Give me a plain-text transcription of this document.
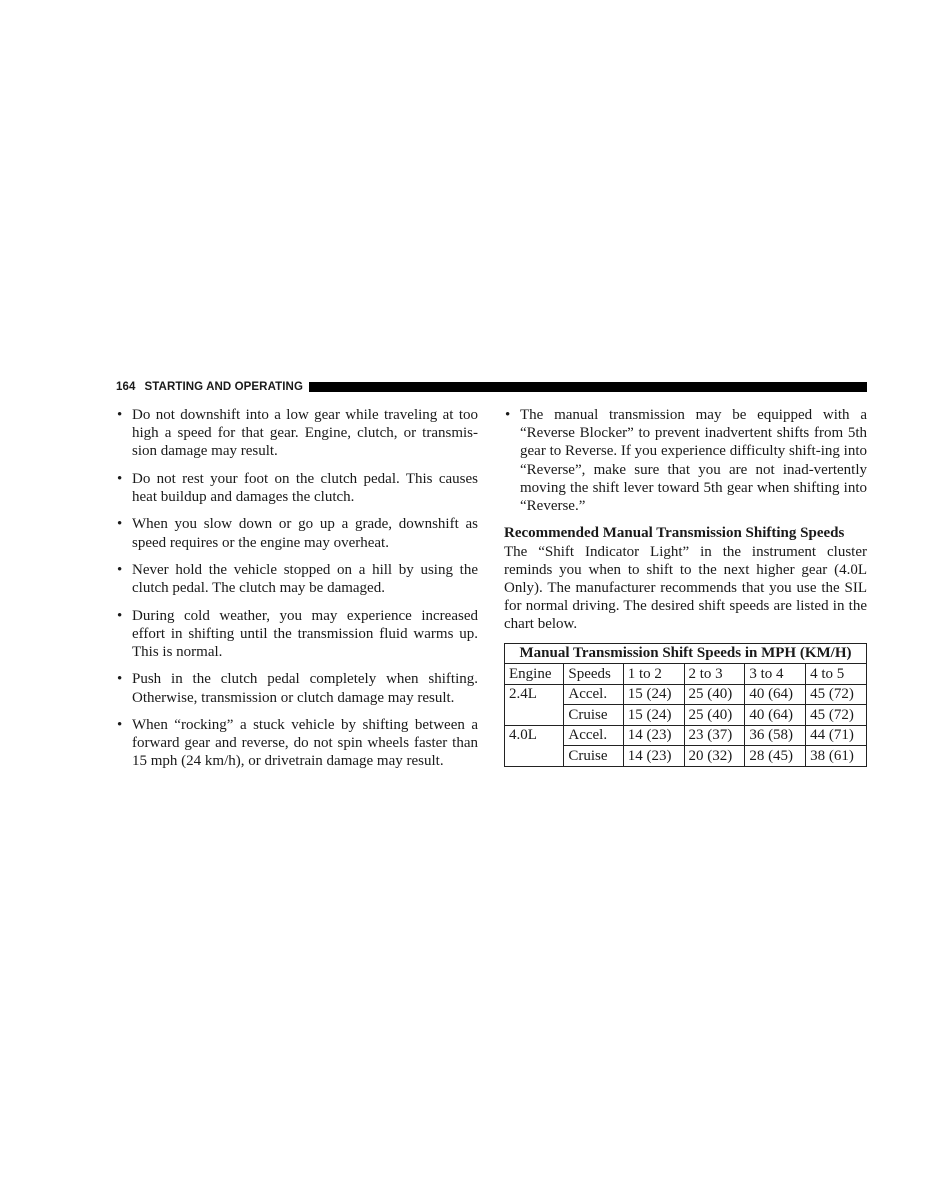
164 STARTING AND OPERATING
• Do not downshift into a low gear while traveling at too high a speed for that gear. Engine, clutch, or transmis-sion damage may result.
• Do not rest your foot on the clutch pedal. This causes heat buildup and damages the clutch.
• When you slow down or go up a grade, downshift as speed requires or the engine may overheat.
• Never hold the vehicle stopped on a hill by using the clutch pedal. The clutch may be damaged.
• During cold weather, you may experience increased effort in shifting until the transmission fluid warms up. This is normal.
• Push in the clutch pedal completely when shifting. Otherwise, transmission or clutch damage may result.
• When “rocking” a stuck vehicle by shifting between a forward gear and reverse, do not spin wheels faster than 15 mph (24 km/h), or drivetrain damage may result.
• The manual transmission may be equipped with a “Reverse Blocker” to prevent inadvertent shifts from 5th gear to Reverse. If you experience difficulty shift-ing into “Reverse”, make sure that you are not inad-vertently moving the shift lever toward 5th gear when shifting into “Reverse.”

Recommended Manual Transmission Shifting Speeds

The “Shift Indicator Light” in the instrument cluster reminds you when to shift to the next higher gear (4.0L Only). The manufacturer recommends that you use the SIL for normal driving. The desired shift speeds are listed in the chart below.

Manual Transmission Shift Speeds in MPH (KM/H)					
Engine	Speeds	1 to 2	2 to 3	3 to 4	4 to 5
2.4L	Accel.	15 (24)	25 (40)	40 (64)	45 (72)
	Cruise	15 (24)	25 (40)	40 (64)	45 (72)
4.0L	Accel.	14 (23)	23 (37)	36 (58)	44 (71)
	Cruise	14 (23)	20 (32)	28 (45)	38 (61)
